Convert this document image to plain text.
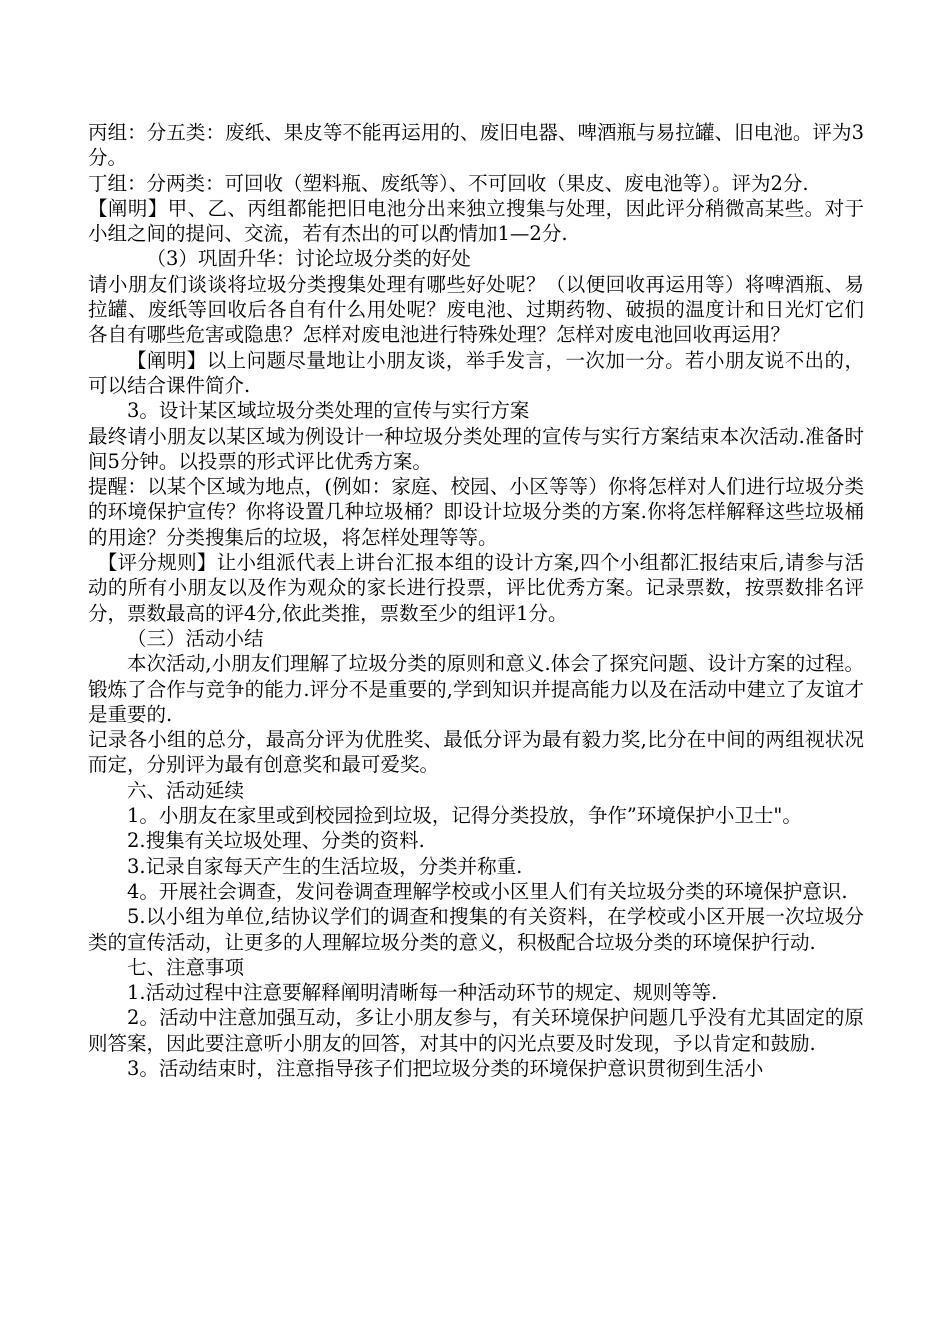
丙组：分五类：废纸、果皮等不能再运用的、废旧电器、啤酒瓶与易拉罐、旧电池。评为3分。

丁组：分两类：可回收（塑料瓶、废纸等）、不可回收（果皮、废电池等）。评为2分.

【阐明】甲、乙、丙组都能把旧电池分出来独立搜集与处理，因此评分稍微高某些。对于小组之间的提问、交流，若有杰出的可以酌情加1—2分.

（3）巩固升华：讨论垃圾分类的好处

请小朋友们谈谈将垃圾分类搜集处理有哪些好处呢？（以便回收再运用等）将啤酒瓶、易拉罐、废纸等回收后各自有什么用处呢？废电池、过期药物、破损的温度计和日光灯它们各自有哪些危害或隐患？怎样对废电池进行特殊处理？怎样对废电池回收再运用？

【阐明】以上问题尽量地让小朋友谈，举手发言，一次加一分。若小朋友说不出的，可以结合课件简介.

3。设计某区域垃圾分类处理的宣传与实行方案

最终请小朋友以某区域为例设计一种垃圾分类处理的宣传与实行方案结束本次活动.准备时间5分钟。以投票的形式评比优秀方案。

提醒：以某个区域为地点，(例如：家庭、校园、小区等等）你将怎样对人们进行垃圾分类的环境保护宣传？你将设置几种垃圾桶？即设计垃圾分类的方案.你将怎样解释这些垃圾桶的用途？分类搜集后的垃圾，将怎样处理等等。

【评分规则】让小组派代表上讲台汇报本组的设计方案,四个小组都汇报结束后,请参与活动的所有小朋友以及作为观众的家长进行投票，评比优秀方案。记录票数，按票数排名评分，票数最高的评4分,依此类推，票数至少的组评1分。

（三）活动小结

本次活动,小朋友们理解了垃圾分类的原则和意义.体会了探究问题、设计方案的过程。锻炼了合作与竞争的能力.评分不是重要的,学到知识并提高能力以及在活动中建立了友谊才是重要的.

记录各小组的总分，最高分评为优胜奖、最低分评为最有毅力奖,比分在中间的两组视状况而定，分别评为最有创意奖和最可爱奖。

六、活动延续

1。小朋友在家里或到校园捡到垃圾，记得分类投放，争作”环境保护小卫士"。

2.搜集有关垃圾处理、分类的资料.

3.记录自家每天产生的生活垃圾，分类并称重.

4。开展社会调查，发问卷调查理解学校或小区里人们有关垃圾分类的环境保护意识.

5.以小组为单位,结协议学们的调查和搜集的有关资料，在学校或小区开展一次垃圾分类的宣传活动，让更多的人理解垃圾分类的意义，积极配合垃圾分类的环境保护行动.

七、注意事项

1.活动过程中注意要解释阐明清晰每一种活动环节的规定、规则等等.

2。活动中注意加强互动，多让小朋友参与，有关环境保护问题几乎没有尤其固定的原则答案，因此要注意听小朋友的回答，对其中的闪光点要及时发现，予以肯定和鼓励.

3。活动结束时，注意指导孩子们把垃圾分类的环境保护意识贯彻到生活小
